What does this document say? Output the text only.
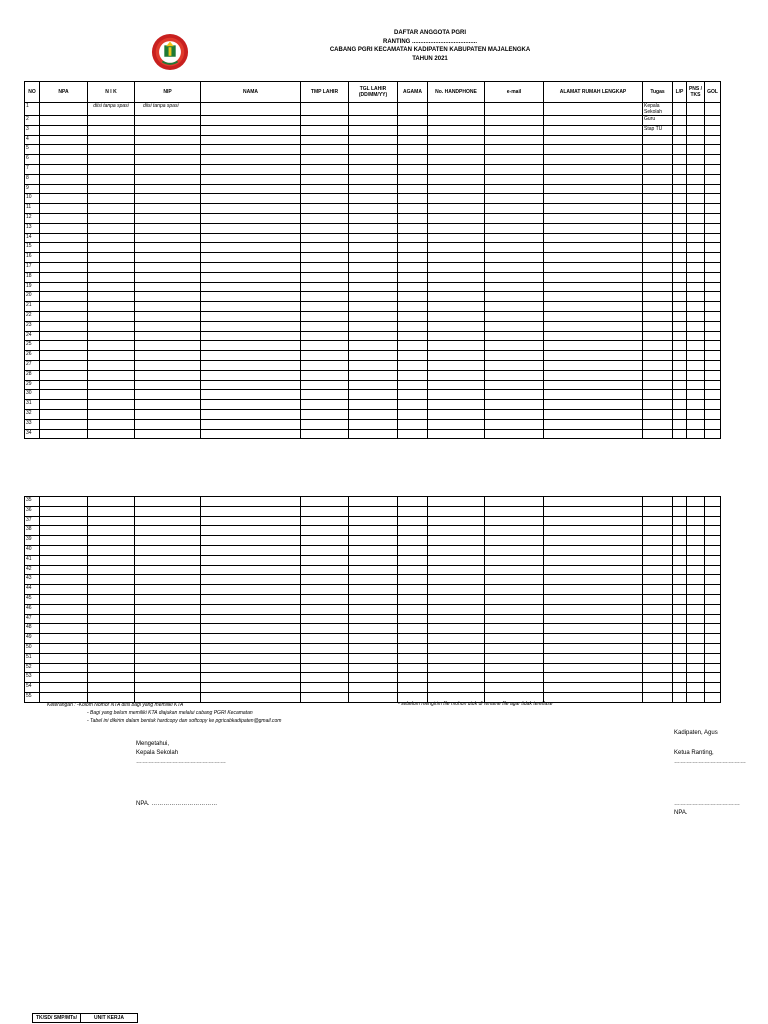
DAFTAR ANGGOTA PGRI
RANTING .......................................
CABANG PGRI KECAMATAN KADIPATEN KABUPATEN MAJALENGKA
TAHUN 2021
NO	NPA	N I K	NIP	NAMA	TMP LAHIR	TGL LAHIR (DD/MM/YY)	AGAMA	No. HANDPHONE	e-mail	ALAMAT RUMAH LENGKAP	Tugas	L/P	PNS / TKS	GOL
1		diisi tanpa spasi	diisi tanpa spasi								Kepala Sekolah			
2											Guru			
3											Stap TU			
4														
5														
6														
7														
8														
9														
10														
11														
12														
13														
14														
15														
16														
17														
18														
19														
20														
21														
22														
23														
24														
25														
26														
27														
28														
29														
30														
31														
32														
33														
34														
35														
36														
37														
38														
39														
40														
41														
42														
43														
44														
45														
46														
47														
48														
49														
50														
51														
52														
53														
54														
55														
Keterangan : -Kolom Nomor NTA diisi bagi yang memiliki KTA
- Bagi yang belum memiliki KTA diajukan melalui cabang PGRI Kecamatan
- Tabel ini dikirim dalam bentuk hardcopy dan softcopy ke pgricabkadipaten@gmail.com
- sebelum mengirim file mohon utuk di rename file agar tidak tereflase
Mengetahui,
Kepala Sekolah
………………………………………
NPA. ……………………………
Kadipaten, Agus
Ketua Ranting,
………………………………
……………………………
NPA.
TK/SD/ SMP/MTs/	UNIT KERJA
